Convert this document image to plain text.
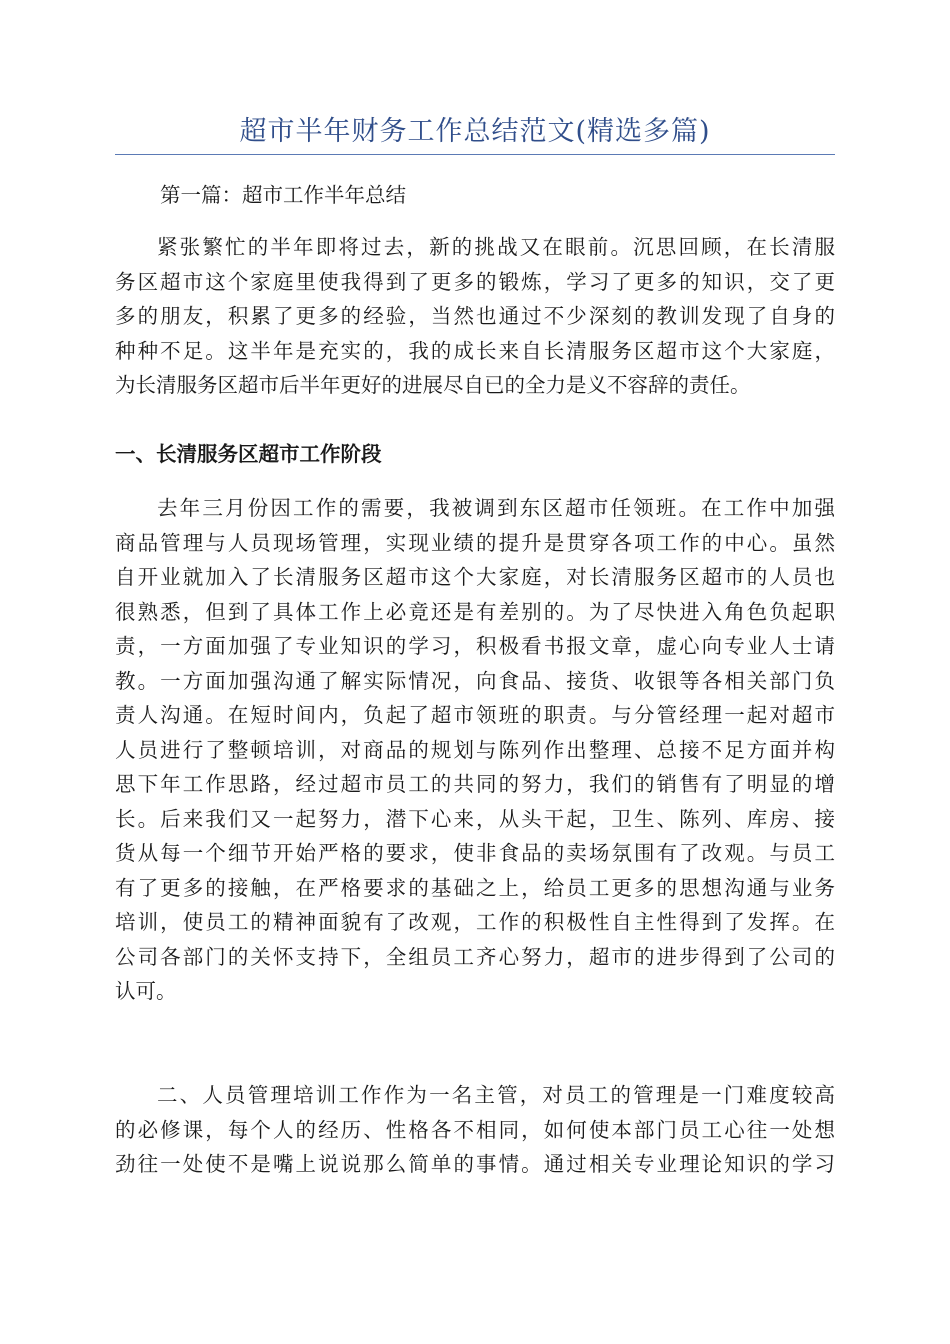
超市半年财务工作总结范文(精选多篇)
第一篇：超市工作半年总结
紧张繁忙的半年即将过去，新的挑战又在眼前。沉思回顾，在长清服
务区超市这个家庭里使我得到了更多的锻炼，学习了更多的知识，交了更
多的朋友，积累了更多的经验，当然也通过不少深刻的教训发现了自身的
种种不足。这半年是充实的，我的成长来自长清服务区超市这个大家庭，
为长清服务区超市后半年更好的进展尽自已的全力是义不容辞的责任。
一、长清服务区超市工作阶段
去年三月份因工作的需要，我被调到东区超市任领班。在工作中加强
商品管理与人员现场管理，实现业绩的提升是贯穿各项工作的中心。虽然
自开业就加入了长清服务区超市这个大家庭，对长清服务区超市的人员也
很熟悉，但到了具体工作上必竟还是有差别的。为了尽快进入角色负起职
责，一方面加强了专业知识的学习，积极看书报文章，虚心向专业人士请
教。一方面加强沟通了解实际情况，向食品、接货、收银等各相关部门负
责人沟通。在短时间内，负起了超市领班的职责。与分管经理一起对超市
人员进行了整顿培训，对商品的规划与陈列作出整理、总接不足方面并构
思下年工作思路，经过超市员工的共同的努力，我们的销售有了明显的增
长。后来我们又一起努力，潜下心来，从头干起，卫生、陈列、库房、接
货从每一个细节开始严格的要求，使非食品的卖场氛围有了改观。与员工
有了更多的接触，在严格要求的基础之上，给员工更多的思想沟通与业务
培训，使员工的精神面貌有了改观，工作的积极性自主性得到了发挥。在
公司各部门的关怀支持下，全组员工齐心努力，超市的进步得到了公司的
认可。
二、人员管理培训工作作为一名主管，对员工的管理是一门难度较高
的必修课，每个人的经历、性格各不相同，如何使本部门员工心往一处想
劲往一处使不是嘴上说说那么简单的事情。通过相关专业理论知识的学习
